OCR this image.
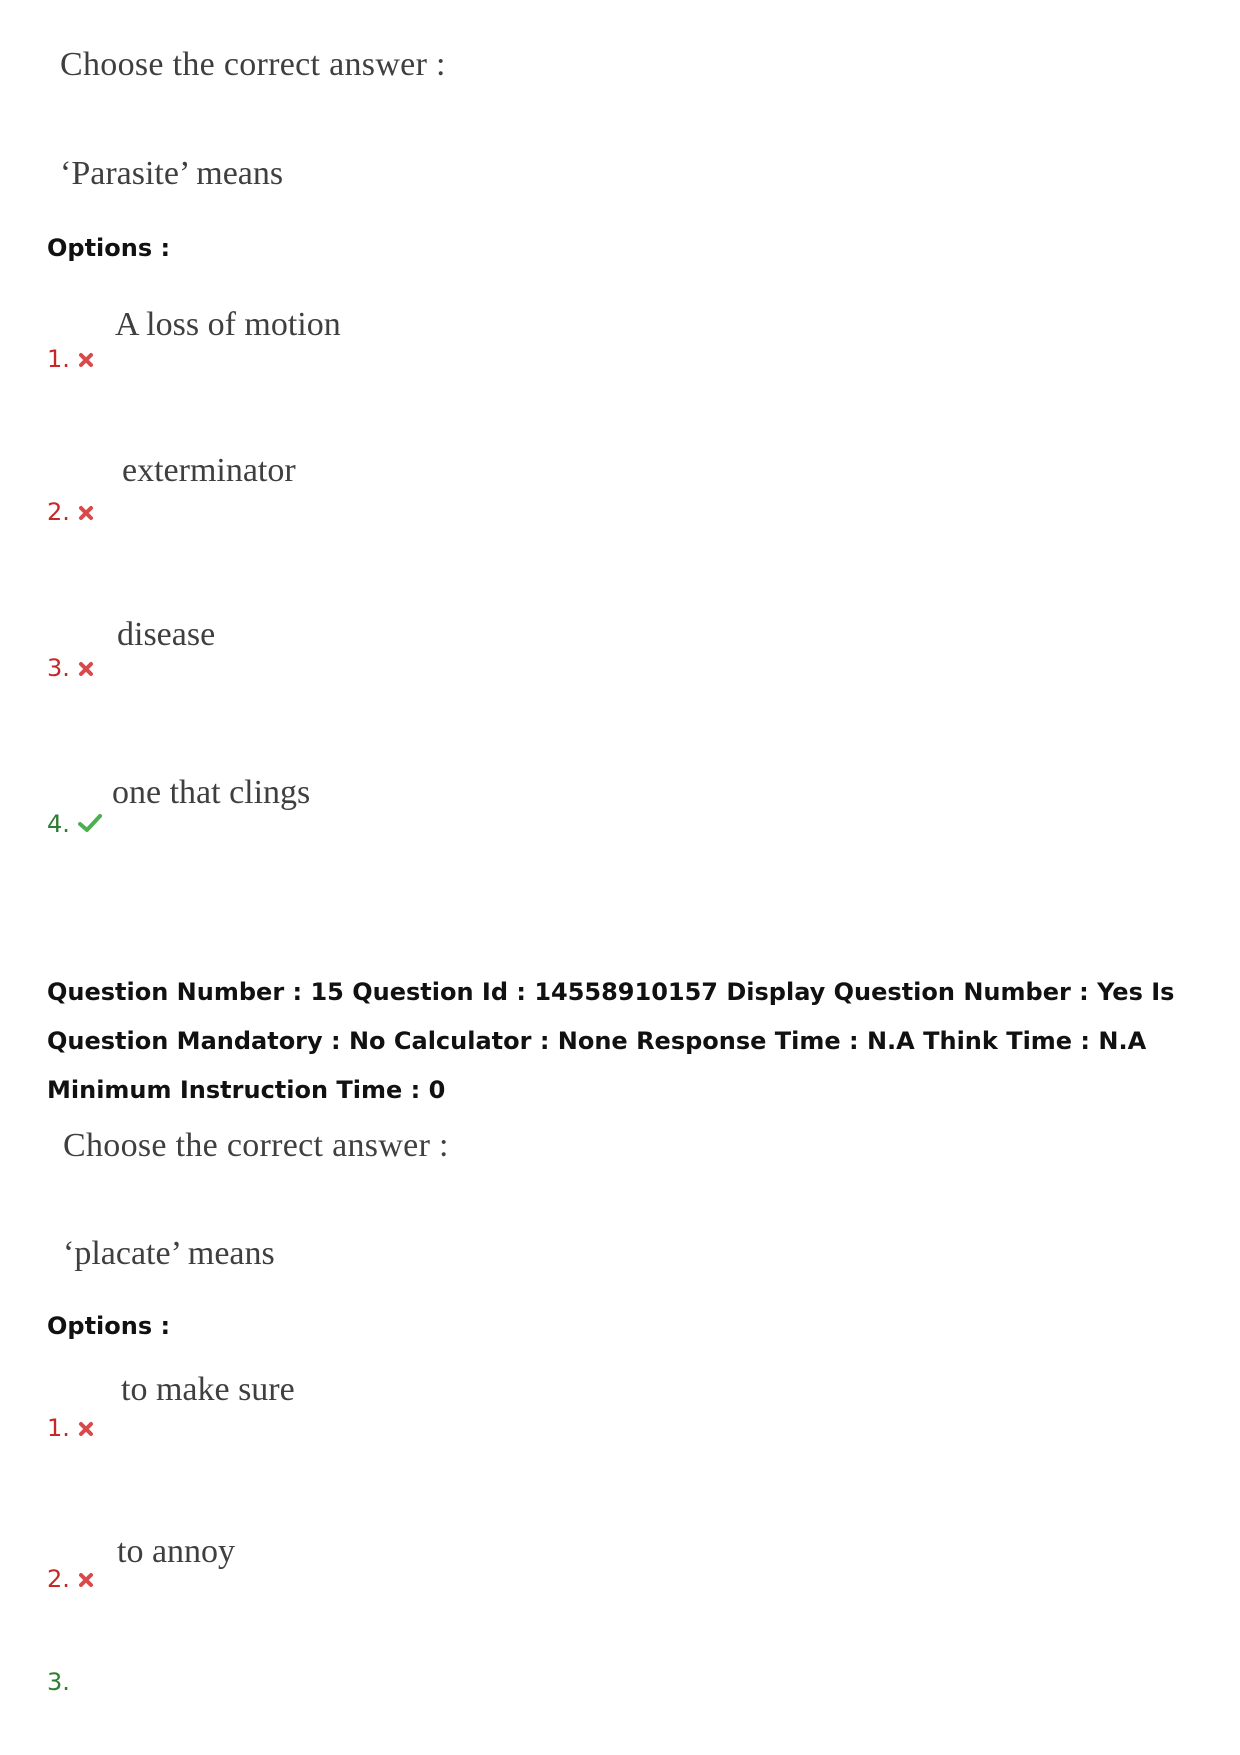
Choose the correct answer :
‘Parasite’ means
Options :
A loss of motion
1.
exterminator
2.
disease
3.
one that clings
4.
Question Number : 15 Question Id : 14558910157 Display Question Number : Yes Is Question Mandatory : No Calculator : None Response Time : N.A Think Time : N.A Minimum Instruction Time : 0
Choose the correct answer :
‘placate’ means
Options :
to make sure
1.
to annoy
2.
3.
